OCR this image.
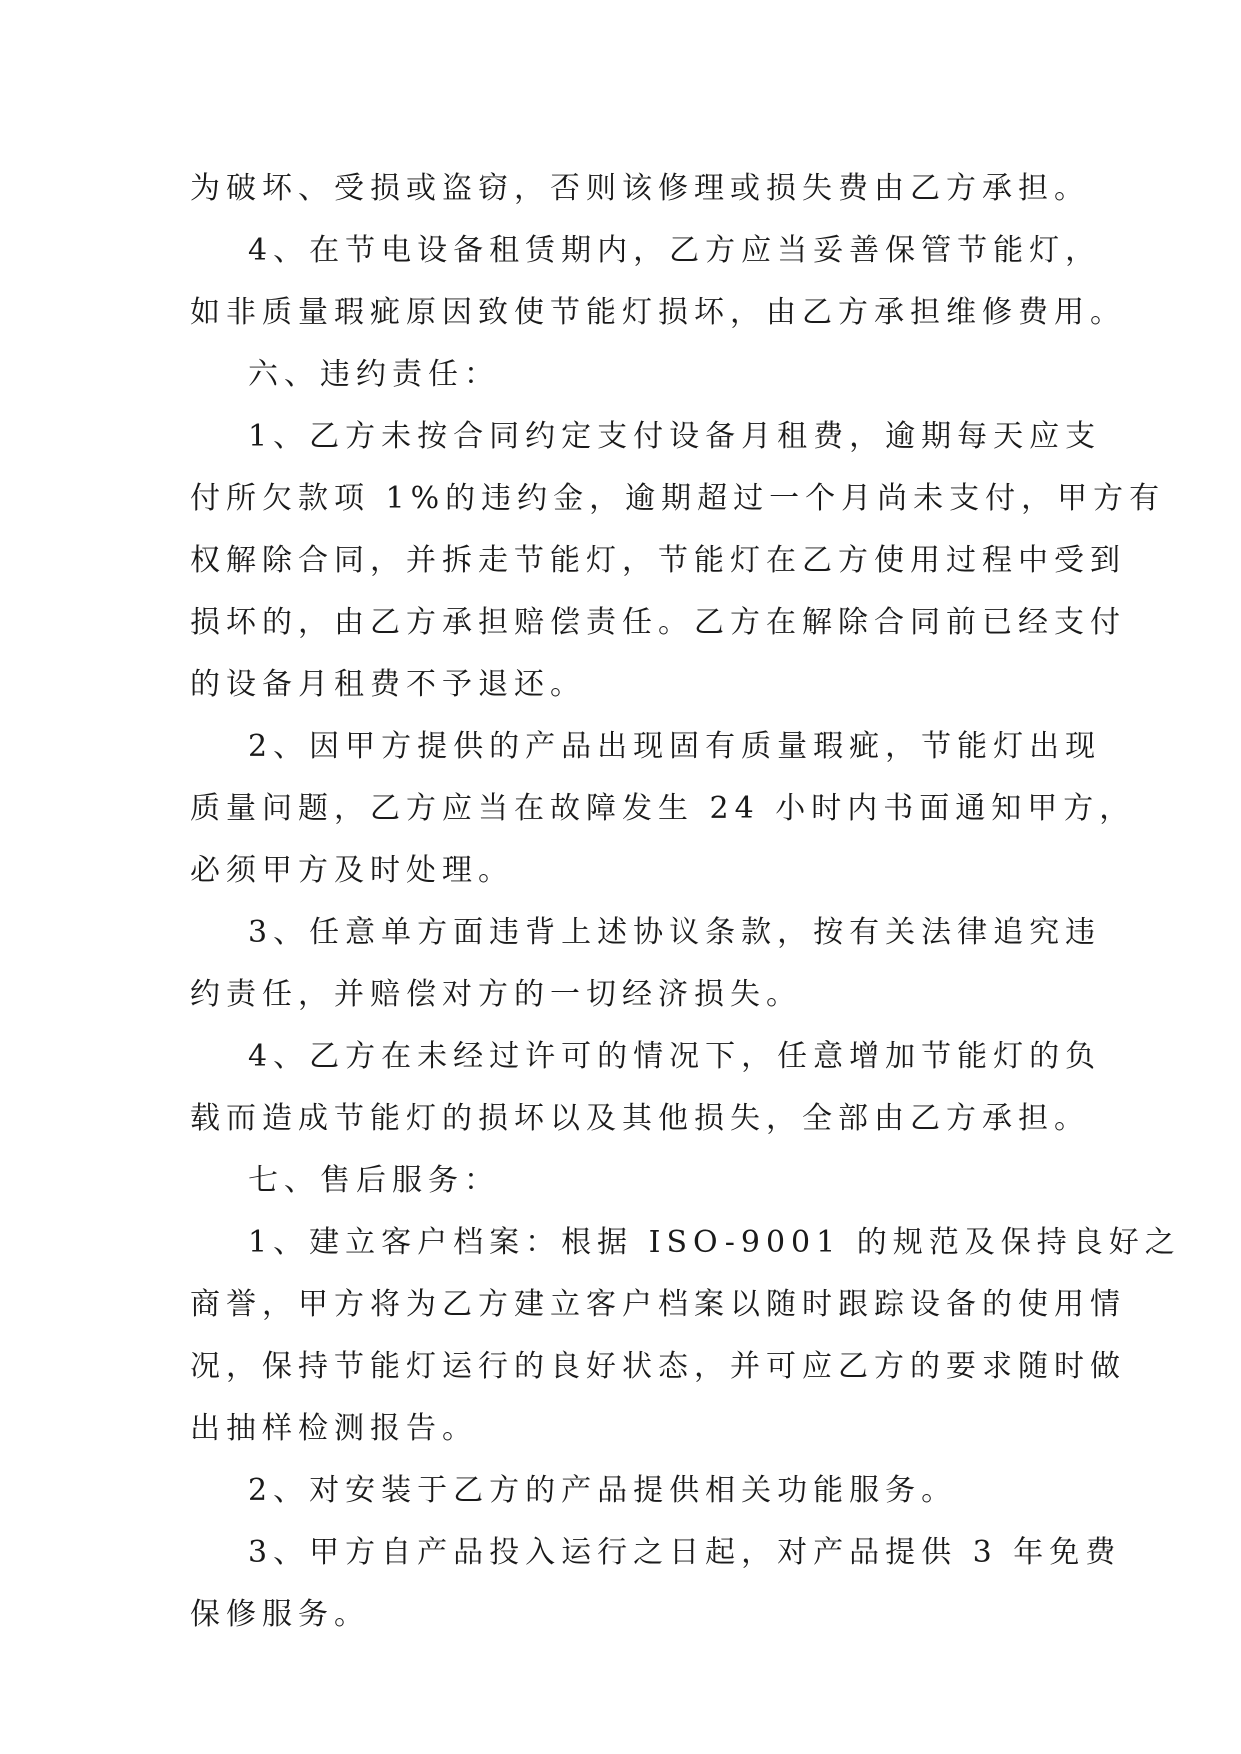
为破坏、受损或盗窃，否则该修理或损失费由乙方承担。
4、在节电设备租赁期内，乙方应当妥善保管节能灯，
如非质量瑕疵原因致使节能灯损坏，由乙方承担维修费用。
六、违约责任：
1、乙方未按合同约定支付设备月租费，逾期每天应支
付所欠款项 1%的违约金，逾期超过一个月尚未支付，甲方有
权解除合同，并拆走节能灯，节能灯在乙方使用过程中受到
损坏的，由乙方承担赔偿责任。乙方在解除合同前已经支付
的设备月租费不予退还。
2、因甲方提供的产品出现固有质量瑕疵，节能灯出现
质量问题，乙方应当在故障发生 24 小时内书面通知甲方，
必须甲方及时处理。
3、任意单方面违背上述协议条款，按有关法律追究违
约责任，并赔偿对方的一切经济损失。
4、乙方在未经过许可的情况下，任意增加节能灯的负
载而造成节能灯的损坏以及其他损失，全部由乙方承担。
七、售后服务：
1、建立客户档案：根据 ISO-9001 的规范及保持良好之
商誉，甲方将为乙方建立客户档案以随时跟踪设备的使用情
况，保持节能灯运行的良好状态，并可应乙方的要求随时做
出抽样检测报告。
2、对安装于乙方的产品提供相关功能服务。
3、甲方自产品投入运行之日起，对产品提供 3 年免费
保修服务。
